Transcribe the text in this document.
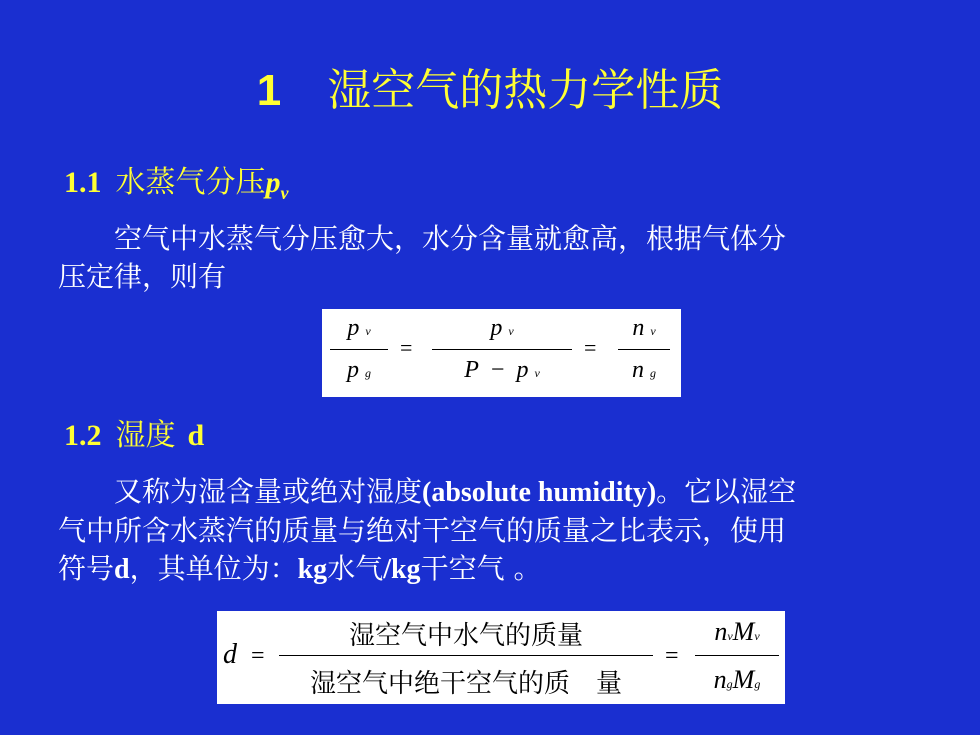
1 湿空气的热力学性质
1.1 水蒸气分压$p_v$
空气中水蒸气分压愈大，水分含量就愈高，根据气体分
压定律，则有
p v
p g
=
p v
P − p v
=
n v
n g
1.2 湿度 d
又称为湿含量或绝对湿度(absolute humidity)。它以湿空
气中所含水蒸汽的质量与绝对干空气的质量之比表示，使用
符号d，其单位为：kg水气/kg干空气 。
d =
湿空气中水气的质量
湿空气中绝干空气的质　量
=
nvMv
ngMg
